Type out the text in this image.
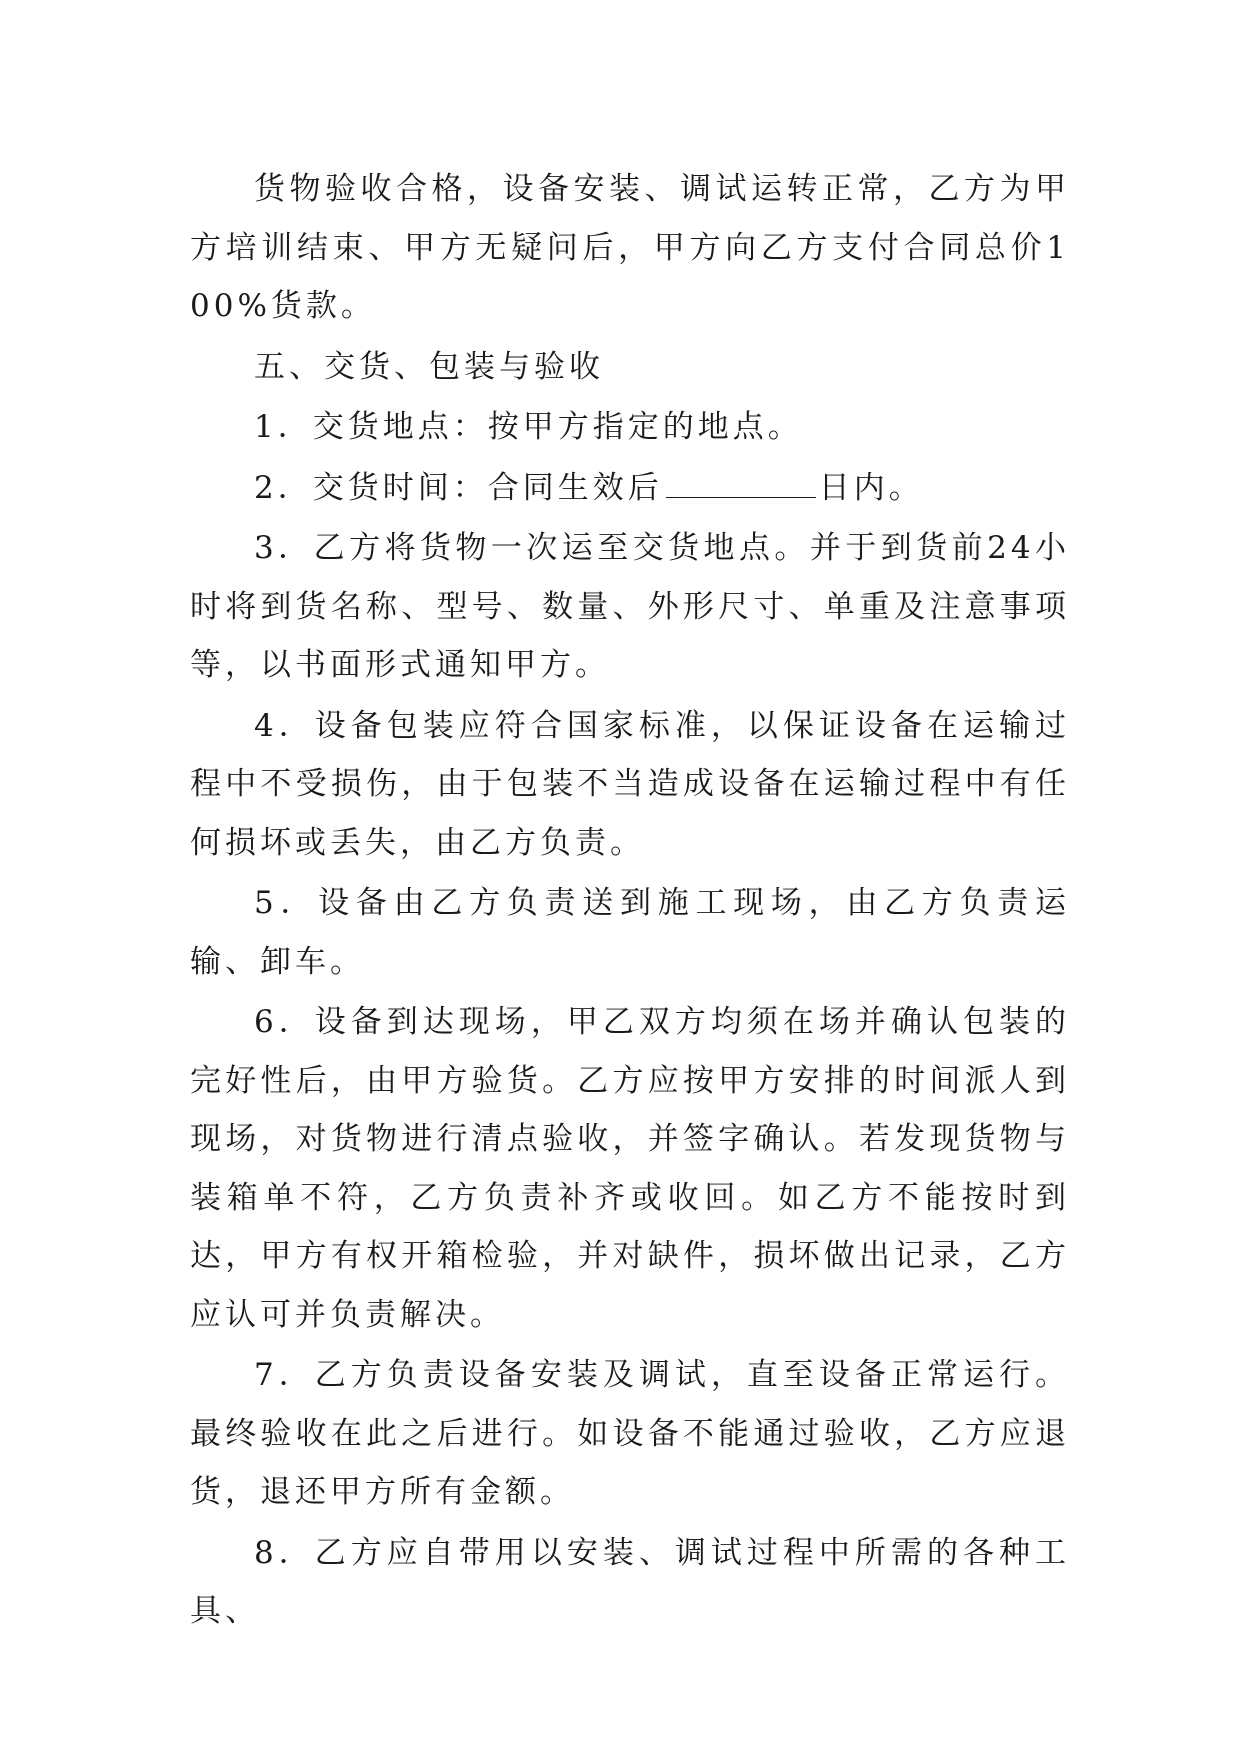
货物验收合格，设备安装、调试运转正常，乙方为甲方培训结束、甲方无疑问后，甲方向乙方支付合同总价100%货款。

五、交货、包装与验收

1．交货地点：按甲方指定的地点。

2．交货时间：合同生效后	日内。

3．乙方将货物一次运至交货地点。并于到货前24小时将到货名称、型号、数量、外形尺寸、单重及注意事项等，以书面形式通知甲方。

4．设备包装应符合国家标准，以保证设备在运输过程中不受损伤，由于包装不当造成设备在运输过程中有任何损坏或丢失，由乙方负责。

5．设备由乙方负责送到施工现场，由乙方负责运输、卸车。

6．设备到达现场，甲乙双方均须在场并确认包装的完好性后，由甲方验货。乙方应按甲方安排的时间派人到现场，对货物进行清点验收，并签字确认。若发现货物与装箱单不符，乙方负责补齐或收回。如乙方不能按时到达，甲方有权开箱检验，并对缺件，损坏做出记录，乙方应认可并负责解决。

7．乙方负责设备安装及调试，直至设备正常运行。最终验收在此之后进行。如设备不能通过验收，乙方应退货，退还甲方所有金额。

8．乙方应自带用以安装、调试过程中所需的各种工具、
